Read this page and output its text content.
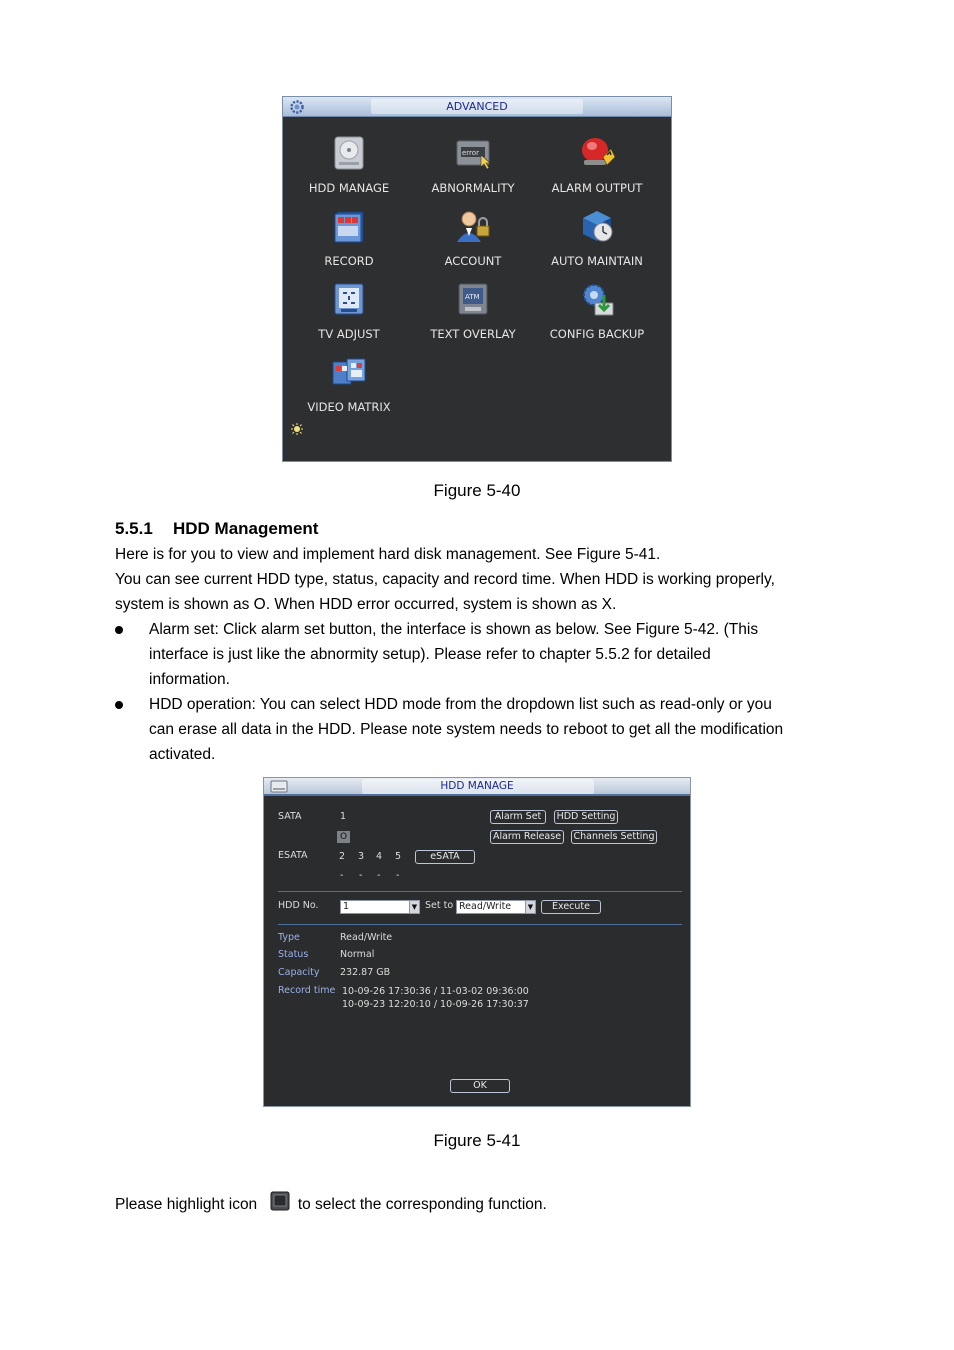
ADVANCED
HDD MANAGE
error
ABNORMALITY	ALARM OUTPUT
RECORD	ACCOUNT	AUTO MAINTAIN
TV ADJUST
ATM
TEXT OVERLAY	CONFIG BACKUP
VIDEO MATRIX
Figure 5-40
5.5.1 HDD Management
Here is for you to view and implement hard disk management. See Figure 5-41.
You can see current HDD type, status, capacity and record time. When HDD is working properly,
system is shown as O. When HDD error occurred, system is shown as X.
Alarm set: Click alarm set button, the interface is shown as below. See Figure 5-42. (This
interface is just like the abnormity setup). Please refer to chapter 5.5.2 for detailed
information.
HDD operation: You can select HDD mode from the dropdown list such as read-only or you
can erase all data in the HDD. Please note system needs to reboot to get all the modification
activated.
HDD MANAGE
SATA	1
O
Alarm Set	HDD Setting
Alarm Release	Channels Setting
ESATA	2 3 4 5	eSATA
- - - -
HDD No.	1	▼ Set to Read/Write	▼	Execute
Type	Read/Write
Status	Normal
Capacity 232.87 GB
Record time 10-09-26 17:30:36 / 11-03-02 09:36:00
10-09-23 12:20:10 / 10-09-26 17:30:37
OK
Figure 5-41
Please highlight icon	to select the corresponding function.
